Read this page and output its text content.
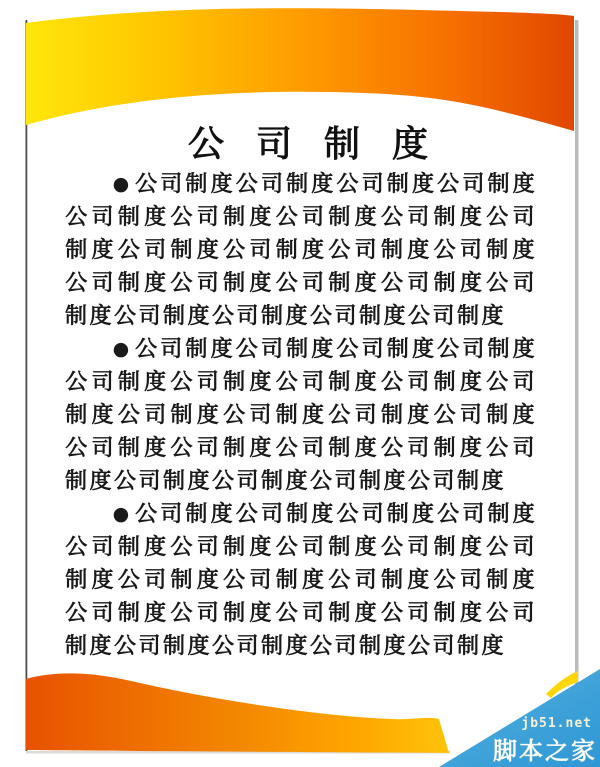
公 司 制 度
● 公 司 制 度 公 司 制 度 公 司 制 度 公 司 制 度
公 司 制 度 公 司 制 度 公 司 制 度 公 司 制 度 公 司
制 度 公 司 制 度 公 司 制 度 公 司 制 度 公 司 制 度
公 司 制 度 公 司 制 度 公 司 制 度 公 司 制 度 公 司
制 度 公 司 制 度 公 司 制 度 公 司 制 度 公 司 制 度
● 公 司 制 度 公 司 制 度 公 司 制 度 公 司 制 度
公 司 制 度 公 司 制 度 公 司 制 度 公 司 制 度 公 司
制 度 公 司 制 度 公 司 制 度 公 司 制 度 公 司 制 度
公 司 制 度 公 司 制 度 公 司 制 度 公 司 制 度 公 司
制 度 公 司 制 度 公 司 制 度 公 司 制 度 公 司 制 度
● 公 司 制 度 公 司 制 度 公 司 制 度 公 司 制 度
公 司 制 度 公 司 制 度 公 司 制 度 公 司 制 度 公 司
制 度 公 司 制 度 公 司 制 度 公 司 制 度 公 司 制 度
公 司 制 度 公 司 制 度 公 司 制 度 公 司 制 度 公 司
制 度 公 司 制 度 公 司 制 度 公 司 制 度 公 司 制 度
jb51.net
脚本之家
